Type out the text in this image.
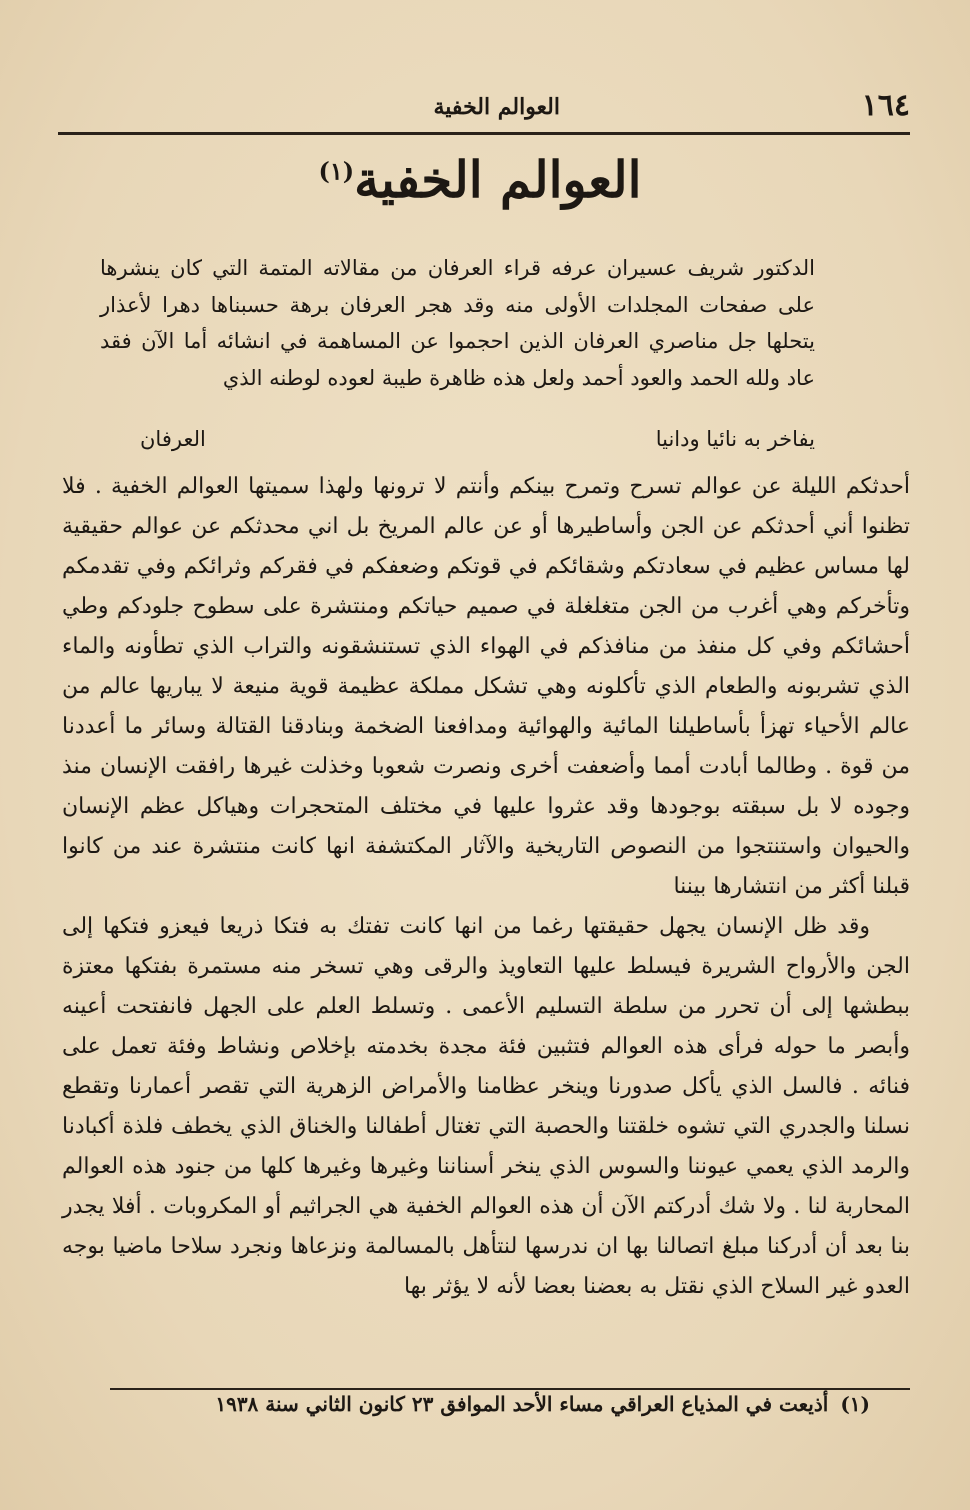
١٦٤
العوالم الخفية
العوالم الخفية$^{(١)}$
الدكتور شريف عسيران عرفه قراء العرفان من مقالاته المتمة التي كان ينشرها على صفحات المجلدات الأولى منه وقد هجر العرفان برهة حسبناها دهرا لأعذار يتحلها جل مناصري العرفان الذين احجموا عن المساهمة في انشائه أما الآن فقد عاد ولله الحمد والعود أحمد ولعل هذه ظاهرة طيبة لعوده لوطنه الذي
يفاخر به نائيا ودانيا
العرفان

أحدثكم الليلة عن عوالم تسرح وتمرح بينكم وأنتم لا ترونها ولهذا سميتها العوالم الخفية . فلا تظنوا أني أحدثكم عن الجن وأساطيرها أو عن عالم المريخ بل اني محدثكم عن عوالم حقيقية لها مساس عظيم في سعادتكم وشقائكم في قوتكم وضعفكم في فقركم وثرائكم وفي تقدمكم وتأخركم وهي أغرب من الجن متغلغلة في صميم حياتكم ومنتشرة على سطوح جلودكم وطي أحشائكم وفي كل منفذ من منافذكم في الهواء الذي تستنشقونه والتراب الذي تطأونه والماء الذي تشربونه والطعام الذي تأكلونه وهي تشكل مملكة عظيمة قوية منيعة لا يباريها عالم من عالم الأحياء تهزأ بأساطيلنا المائية والهوائية ومدافعنا الضخمة وبنادقنا القتالة وسائر ما أعددنا من قوة . وطالما أبادت أمما وأضعفت أخرى ونصرت شعوبا وخذلت غيرها رافقت الإنسان منذ وجوده لا بل سبقته بوجودها وقد عثروا عليها في مختلف المتحجرات وهياكل عظم الإنسان والحيوان واستنتجوا من النصوص التاريخية والآثار المكتشفة انها كانت منتشرة عند من كانوا قبلنا أكثر من انتشارها بيننا

وقد ظل الإنسان يجهل حقيقتها رغما من انها كانت تفتك به فتكا ذريعا فيعزو فتكها إلى الجن والأرواح الشريرة فيسلط عليها التعاويذ والرقى وهي تسخر منه مستمرة بفتكها معتزة ببطشها إلى أن تحرر من سلطة التسليم الأعمى . وتسلط العلم على الجهل فانفتحت أعينه وأبصر ما حوله فرأى هذه العوالم فتثبين فئة مجدة بخدمته بإخلاص ونشاط وفئة تعمل على فنائه . فالسل الذي يأكل صدورنا وينخر عظامنا والأمراض الزهرية التي تقصر أعمارنا وتقطع نسلنا والجدري التي تشوه خلقتنا والحصبة التي تغتال أطفالنا والخناق الذي يخطف فلذة أكبادنا والرمد الذي يعمي عيوننا والسوس الذي ينخر أسناننا وغيرها وغيرها كلها من جنود هذه العوالم المحاربة لنا . ولا شك أدركتم الآن أن هذه العوالم الخفية هي الجراثيم أو المكروبات . أفلا يجدر بنا بعد أن أدركنا مبلغ اتصالنا بها ان ندرسها لنتأهل بالمسالمة ونزعاها ونجرد سلاحا ماضيا بوجه العدو غير السلاح الذي نقتل به بعضنا بعضا لأنه لا يؤثر بها

(١)أذيعت في المذياع العراقي مساء الأحد الموافق ٢٣ كانون الثاني سنة ١٩٣٨
